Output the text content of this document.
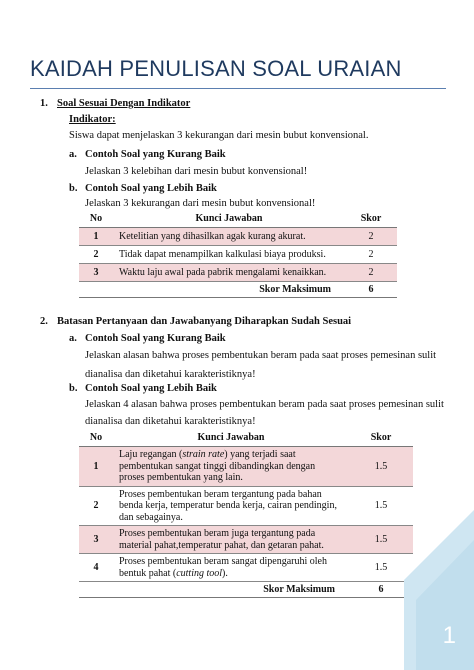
KAIDAH PENULISAN SOAL URAIAN
1. Soal Sesuai Dengan Indikator
Indikator:
Siswa dapat menjelaskan 3 kekurangan dari mesin bubut konvensional.
a. Contoh Soal yang Kurang Baik
Jelaskan 3 kelebihan dari mesin bubut konvensional!
b. Contoh Soal yang Lebih Baik
Jelaskan 3 kekurangan dari mesin bubut konvensional!
No	Kunci Jawaban	Skor
1	Ketelitian yang dihasilkan agak kurang akurat.	2
2	Tidak dapat menampilkan kalkulasi biaya produksi.	2
3	Waktu laju awal pada pabrik mengalami kenaikkan.	2
Skor Maksimum		6
2. Batasan Pertanyaan dan Jawabanyang Diharapkan Sudah Sesuai
a. Contoh Soal yang Kurang Baik
Jelaskan alasan bahwa proses pembentukan beram pada saat proses pemesinan sulit
dianalisa dan diketahui karakteristiknya!
b. Contoh Soal yang Lebih Baik
Jelaskan 4 alasan bahwa proses pembentukan beram pada saat proses pemesinan sulit
dianalisa dan diketahui karakteristiknya!
No	Kunci Jawaban	Skor
1	Laju regangan (strain rate) yang terjadi saat pembentukan sangat tinggi dibandingkan dengan proses pembentukan yang lain.	1.5
2	Proses pembentukan beram tergantung pada bahan benda kerja, temperatur benda kerja, cairan pendingin, dan sebagainya.	1.5
3	Proses pembentukan beram juga tergantung pada material pahat,temperatur pahat, dan getaran pahat.	1.5
4	Proses pembentukan beram sangat dipengaruhi oleh bentuk pahat (cutting tool).	1.5
Skor Maksimum		6
1
